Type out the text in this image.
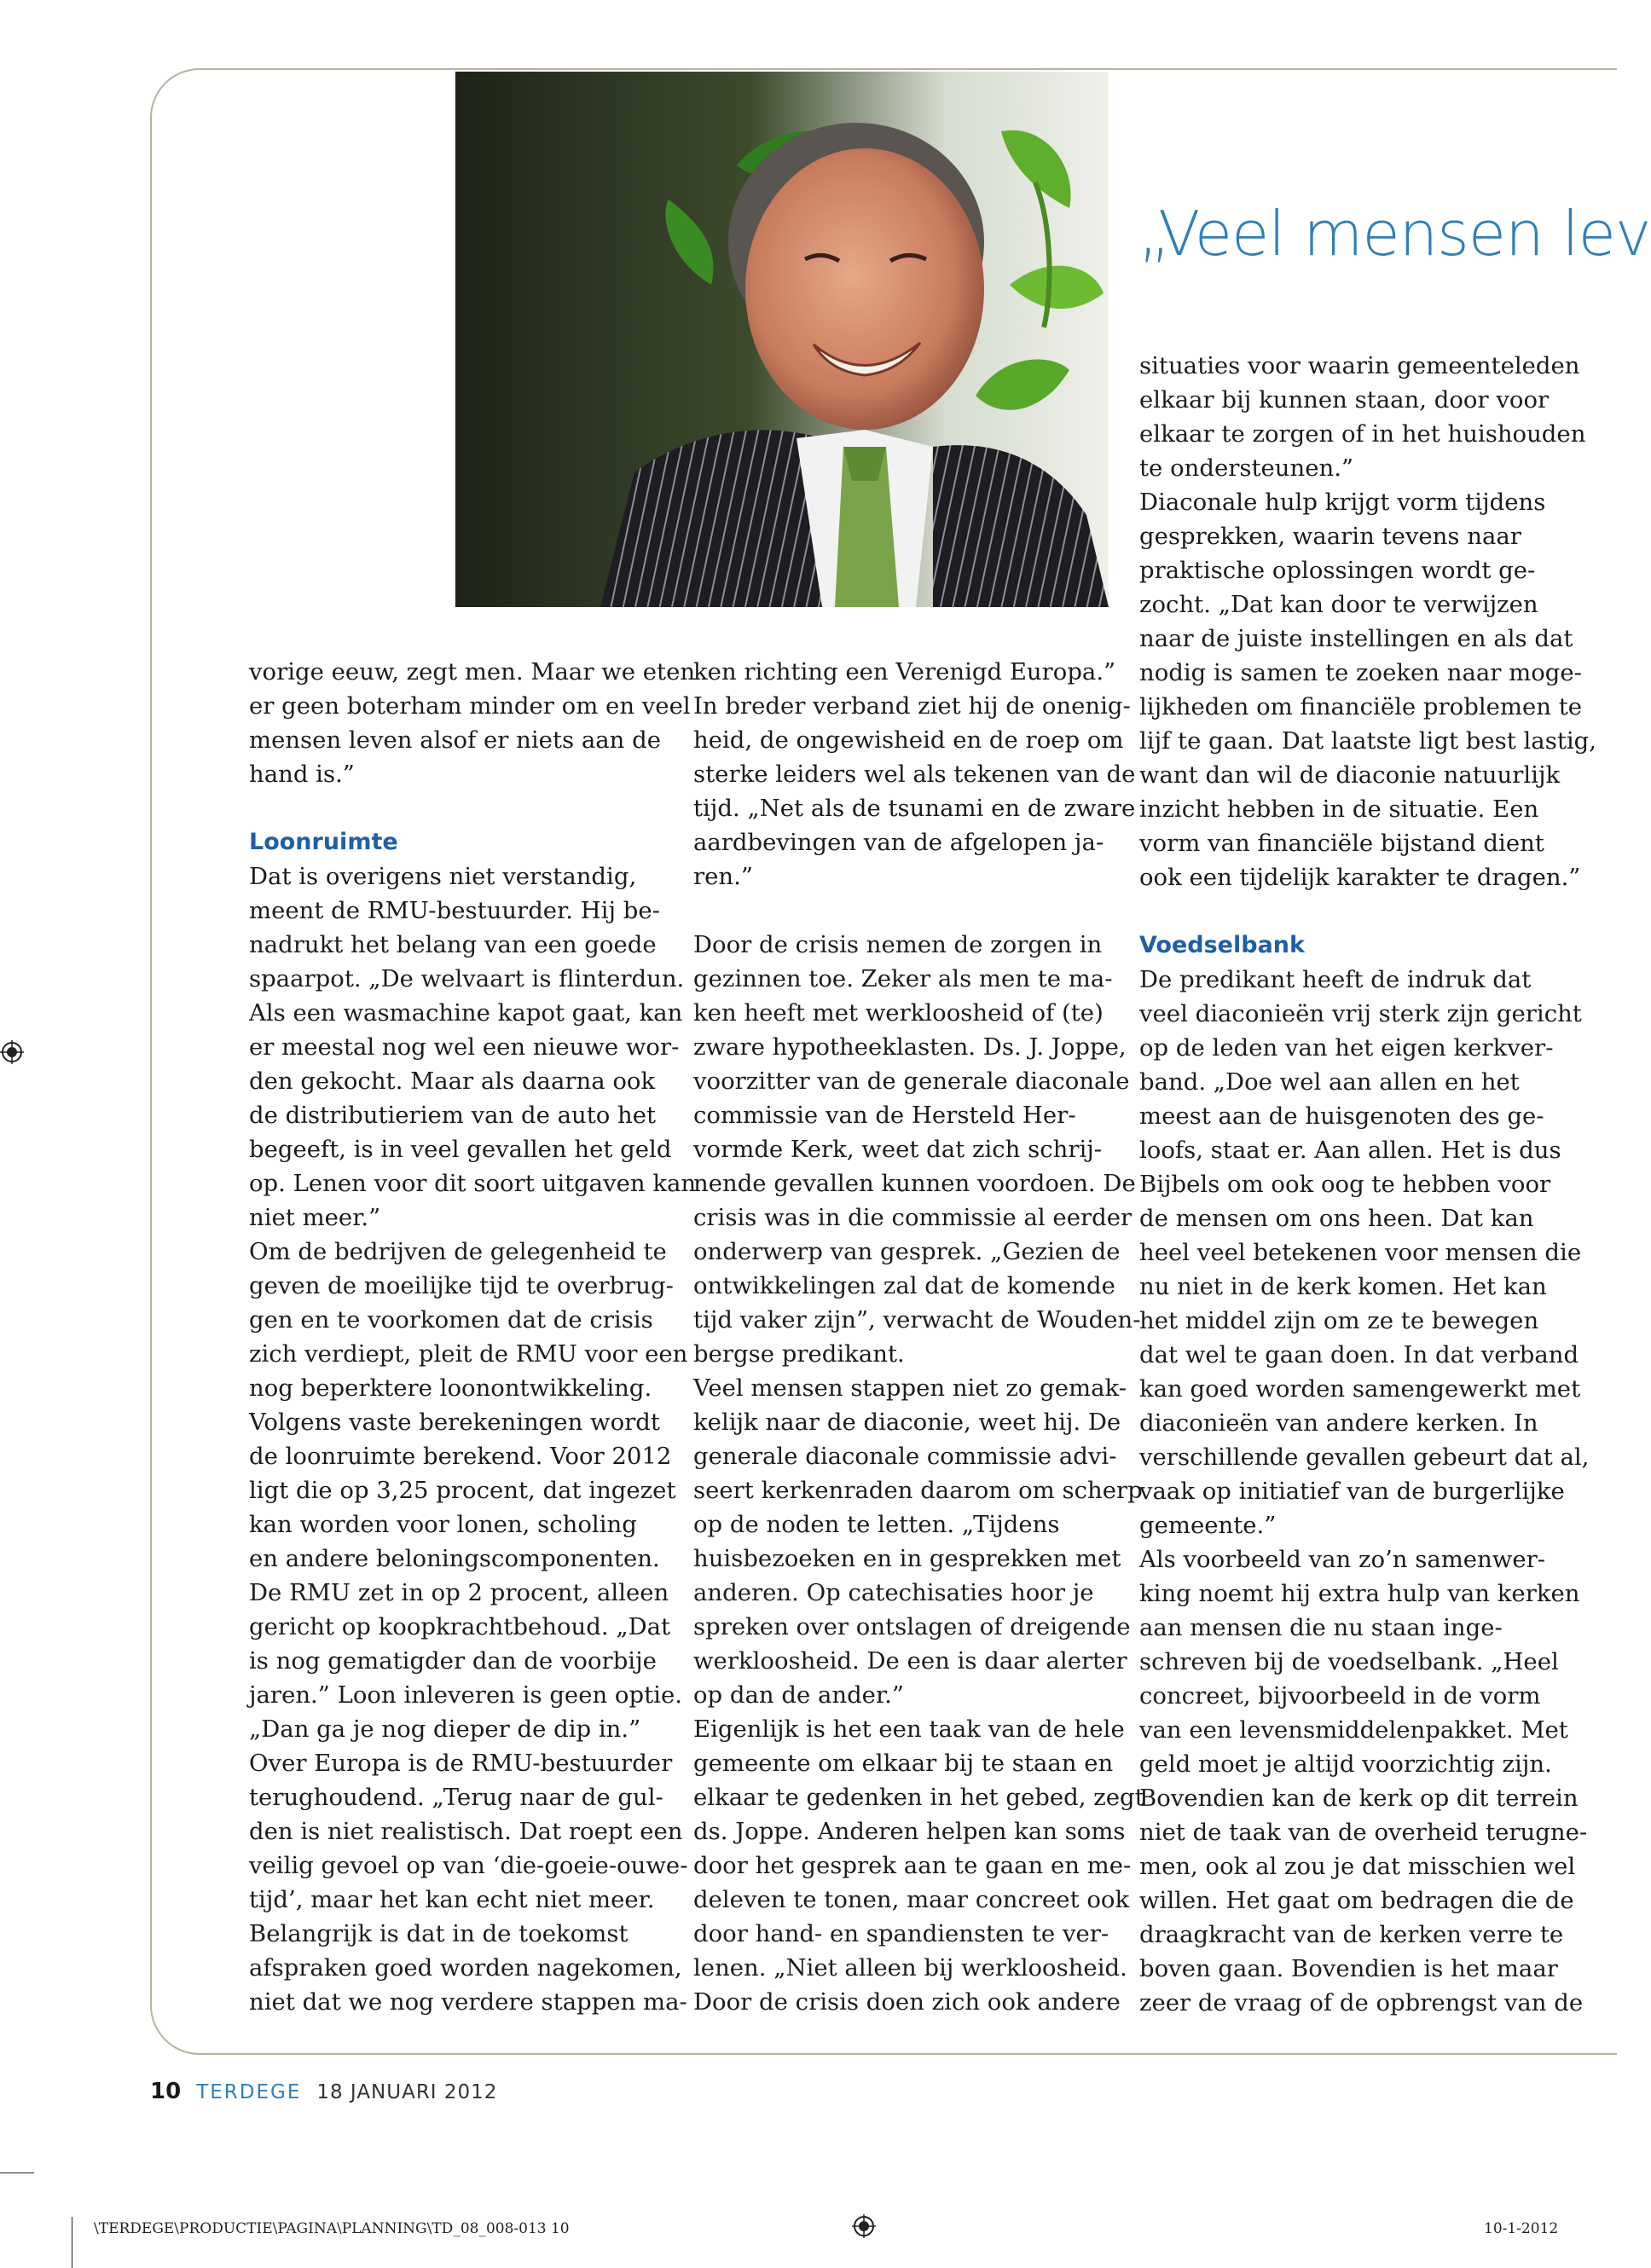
„Veel mensen lev
vorige eeuw, zegt men. Maar we eten
er geen boterham minder om en veel
mensen leven alsof er niets aan de
hand is.”
Loonruimte
Dat is overigens niet verstandig,
meent de RMU-bestuurder. Hij be-
nadrukt het belang van een goede
spaarpot. „De welvaart is flinterdun.
Als een wasmachine kapot gaat, kan
er meestal nog wel een nieuwe wor-
den gekocht. Maar als daarna ook
de distributieriem van de auto het
begeeft, is in veel gevallen het geld
op. Lenen voor dit soort uitgaven kan
niet meer.”
Om de bedrijven de gelegenheid te
geven de moeilijke tijd te overbrug-
gen en te voorkomen dat de crisis
zich verdiept, pleit de RMU voor een
nog beperktere loonontwikkeling.
Volgens vaste berekeningen wordt
de loonruimte berekend. Voor 2012
ligt die op 3,25 procent, dat ingezet
kan worden voor lonen, scholing
en andere beloningscomponenten.
De RMU zet in op 2 procent, alleen
gericht op koopkrachtbehoud. „Dat
is nog gematigder dan de voorbije
jaren.” Loon inleveren is geen optie.
„Dan ga je nog dieper de dip in.”
Over Europa is de RMU-bestuurder
terughoudend. „Terug naar de gul-
den is niet realistisch. Dat roept een
veilig gevoel op van ‘die-goeie-ouwe-
tijd’, maar het kan echt niet meer.
Belangrijk is dat in de toekomst
afspraken goed worden nagekomen,
niet dat we nog verdere stappen ma-
ken richting een Verenigd Europa.”
In breder verband ziet hij de onenig-
heid, de ongewisheid en de roep om
sterke leiders wel als tekenen van de
tijd. „Net als de tsunami en de zware
aardbevingen van de afgelopen ja-
ren.”
Door de crisis nemen de zorgen in
gezinnen toe. Zeker als men te ma-
ken heeft met werkloosheid of (te)
zware hypotheeklasten. Ds. J. Joppe,
voorzitter van de generale diaconale
commissie van de Hersteld Her-
vormde Kerk, weet dat zich schrij-
nende gevallen kunnen voordoen. De
crisis was in die commissie al eerder
onderwerp van gesprek. „Gezien de
ontwikkelingen zal dat de komende
tijd vaker zijn”, verwacht de Wouden-
bergse predikant.
Veel mensen stappen niet zo gemak-
kelijk naar de diaconie, weet hij. De
generale diaconale commissie advi-
seert kerkenraden daarom om scherp
op de noden te letten. „Tijdens
huisbezoeken en in gesprekken met
anderen. Op catechisaties hoor je
spreken over ontslagen of dreigende
werkloosheid. De een is daar alerter
op dan de ander.”
Eigenlijk is het een taak van de hele
gemeente om elkaar bij te staan en
elkaar te gedenken in het gebed, zegt
ds. Joppe. Anderen helpen kan soms
door het gesprek aan te gaan en me-
deleven te tonen, maar concreet ook
door hand- en spandiensten te ver-
lenen. „Niet alleen bij werkloosheid.
Door de crisis doen zich ook andere
situaties voor waarin gemeenteleden
elkaar bij kunnen staan, door voor
elkaar te zorgen of in het huishouden
te ondersteunen.”
Diaconale hulp krijgt vorm tijdens
gesprekken, waarin tevens naar
praktische oplossingen wordt ge-
zocht. „Dat kan door te verwijzen
naar de juiste instellingen en als dat
nodig is samen te zoeken naar moge-
lijkheden om financiële problemen te
lijf te gaan. Dat laatste ligt best lastig,
want dan wil de diaconie natuurlijk
inzicht hebben in de situatie. Een
vorm van financiële bijstand dient
ook een tijdelijk karakter te dragen.”
Voedselbank
De predikant heeft de indruk dat
veel diaconieën vrij sterk zijn gericht
op de leden van het eigen kerkver-
band. „Doe wel aan allen en het
meest aan de huisgenoten des ge-
loofs, staat er. Aan allen. Het is dus
Bijbels om ook oog te hebben voor
de mensen om ons heen. Dat kan
heel veel betekenen voor mensen die
nu niet in de kerk komen. Het kan
het middel zijn om ze te bewegen
dat wel te gaan doen. In dat verband
kan goed worden samengewerkt met
diaconieën van andere kerken. In
verschillende gevallen gebeurt dat al,
vaak op initiatief van de burgerlijke
gemeente.”
Als voorbeeld van zo’n samenwer-
king noemt hij extra hulp van kerken
aan mensen die nu staan inge-
schreven bij de voedselbank. „Heel
concreet, bijvoorbeeld in de vorm
van een levensmiddelenpakket. Met
geld moet je altijd voorzichtig zijn.
Bovendien kan de kerk op dit terrein
niet de taak van de overheid terugne-
men, ook al zou je dat misschien wel
willen. Het gaat om bedragen die de
draagkracht van de kerken verre te
boven gaan. Bovendien is het maar
zeer de vraag of de opbrengst van de
10 TERDEGE 18 JANUARI 2012
\TERDEGE\PRODUCTIE\PAGINA\PLANNING\TD_08_008-013 10	10-1-2012
